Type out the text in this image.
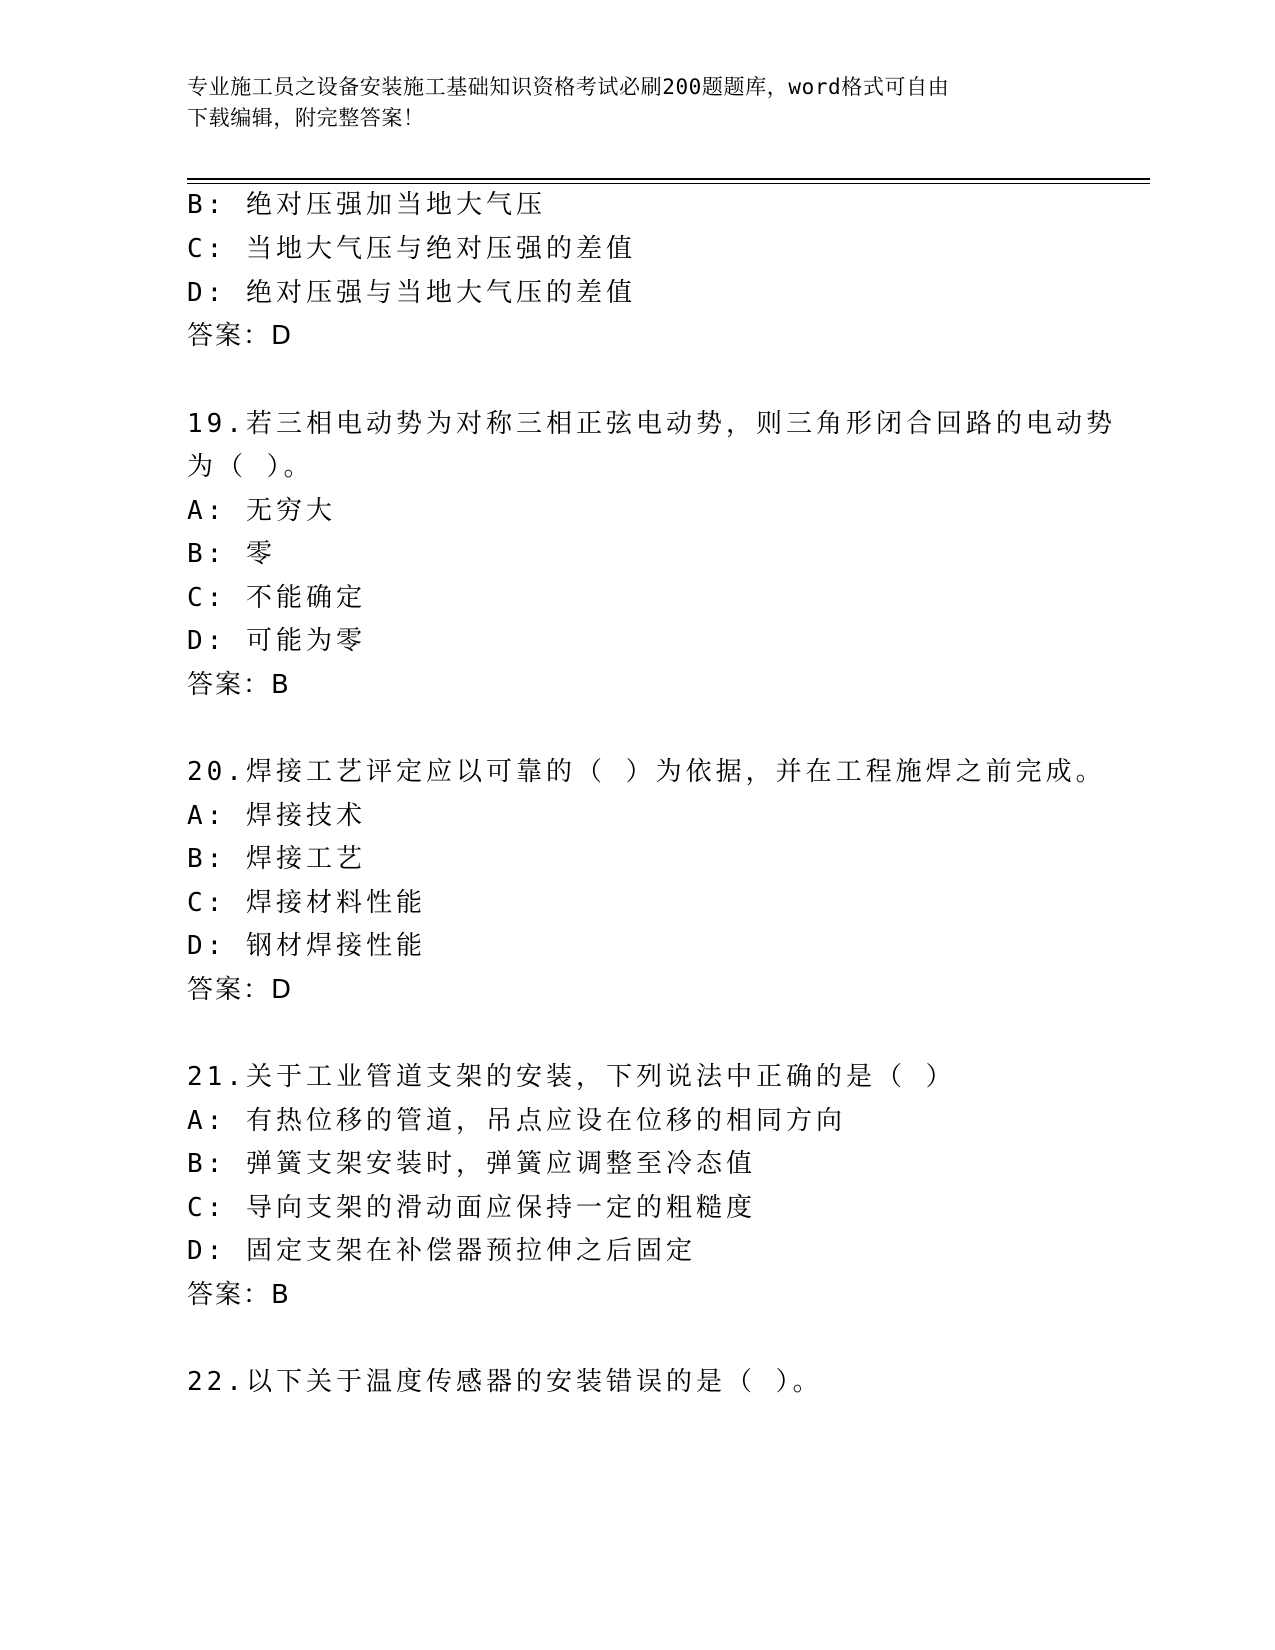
专业施工员之设备安装施工基础知识资格考试必刷200题题库，word格式可自由
下载编辑，附完整答案！
B: 绝对压强加当地大气压
C: 当地大气压与绝对压强的差值
D: 绝对压强与当地大气压的差值
答案：D
19.若三相电动势为对称三相正弦电动势，则三角形闭合回路的电动势
为（ ）。
A: 无穷大
B: 零
C: 不能确定
D: 可能为零
答案：B
20.焊接工艺评定应以可靠的（ ）为依据，并在工程施焊之前完成。
A: 焊接技术
B: 焊接工艺
C: 焊接材料性能
D: 钢材焊接性能
答案：D
21.关于工业管道支架的安装，下列说法中正确的是（ ）
A: 有热位移的管道，吊点应设在位移的相同方向
B: 弹簧支架安装时，弹簧应调整至冷态值
C: 导向支架的滑动面应保持一定的粗糙度
D: 固定支架在补偿器预拉伸之后固定
答案：B
22.以下关于温度传感器的安装错误的是（ ）。
